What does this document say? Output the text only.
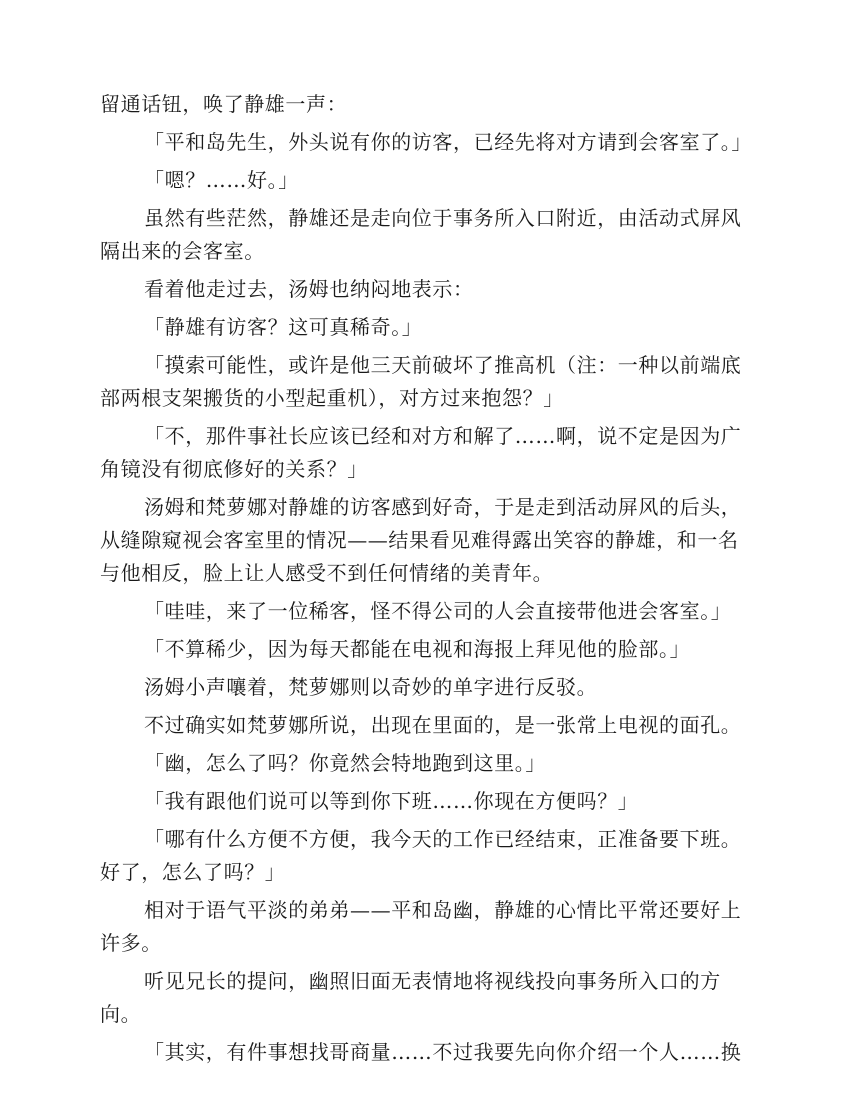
留通话钮，唤了静雄一声：

「平和岛先生，外头说有你的访客，已经先将对方请到会客室了。」

「嗯？……好。」

虽然有些茫然，静雄还是走向位于事务所入口附近，由活动式屏风隔出来的会客室。

看着他走过去，汤姆也纳闷地表示：

「静雄有访客？这可真稀奇。」

「摸索可能性，或许是他三天前破坏了推高机（注：一种以前端底部两根支架搬货的小型起重机），对方过来抱怨？」

「不，那件事社长应该已经和对方和解了……啊，说不定是因为广角镜没有彻底修好的关系？」

汤姆和梵萝娜对静雄的访客感到好奇，于是走到活动屏风的后头，从缝隙窥视会客室里的情况——结果看见难得露出笑容的静雄，和一名与他相反，脸上让人感受不到任何情绪的美青年。

「哇哇，来了一位稀客，怪不得公司的人会直接带他进会客室。」

「不算稀少，因为每天都能在电视和海报上拜见他的脸部。」

汤姆小声嚷着，梵萝娜则以奇妙的单字进行反驳。

不过确实如梵萝娜所说，出现在里面的，是一张常上电视的面孔。

「幽，怎么了吗？你竟然会特地跑到这里。」

「我有跟他们说可以等到你下班……你现在方便吗？」

「哪有什么方便不方便，我今天的工作已经结束，正准备要下班。好了，怎么了吗？」

相对于语气平淡的弟弟——平和岛幽，静雄的心情比平常还要好上许多。

听见兄长的提问，幽照旧面无表情地将视线投向事务所入口的方向。

「其实，有件事想找哥商量……不过我要先向你介绍一个人……换
